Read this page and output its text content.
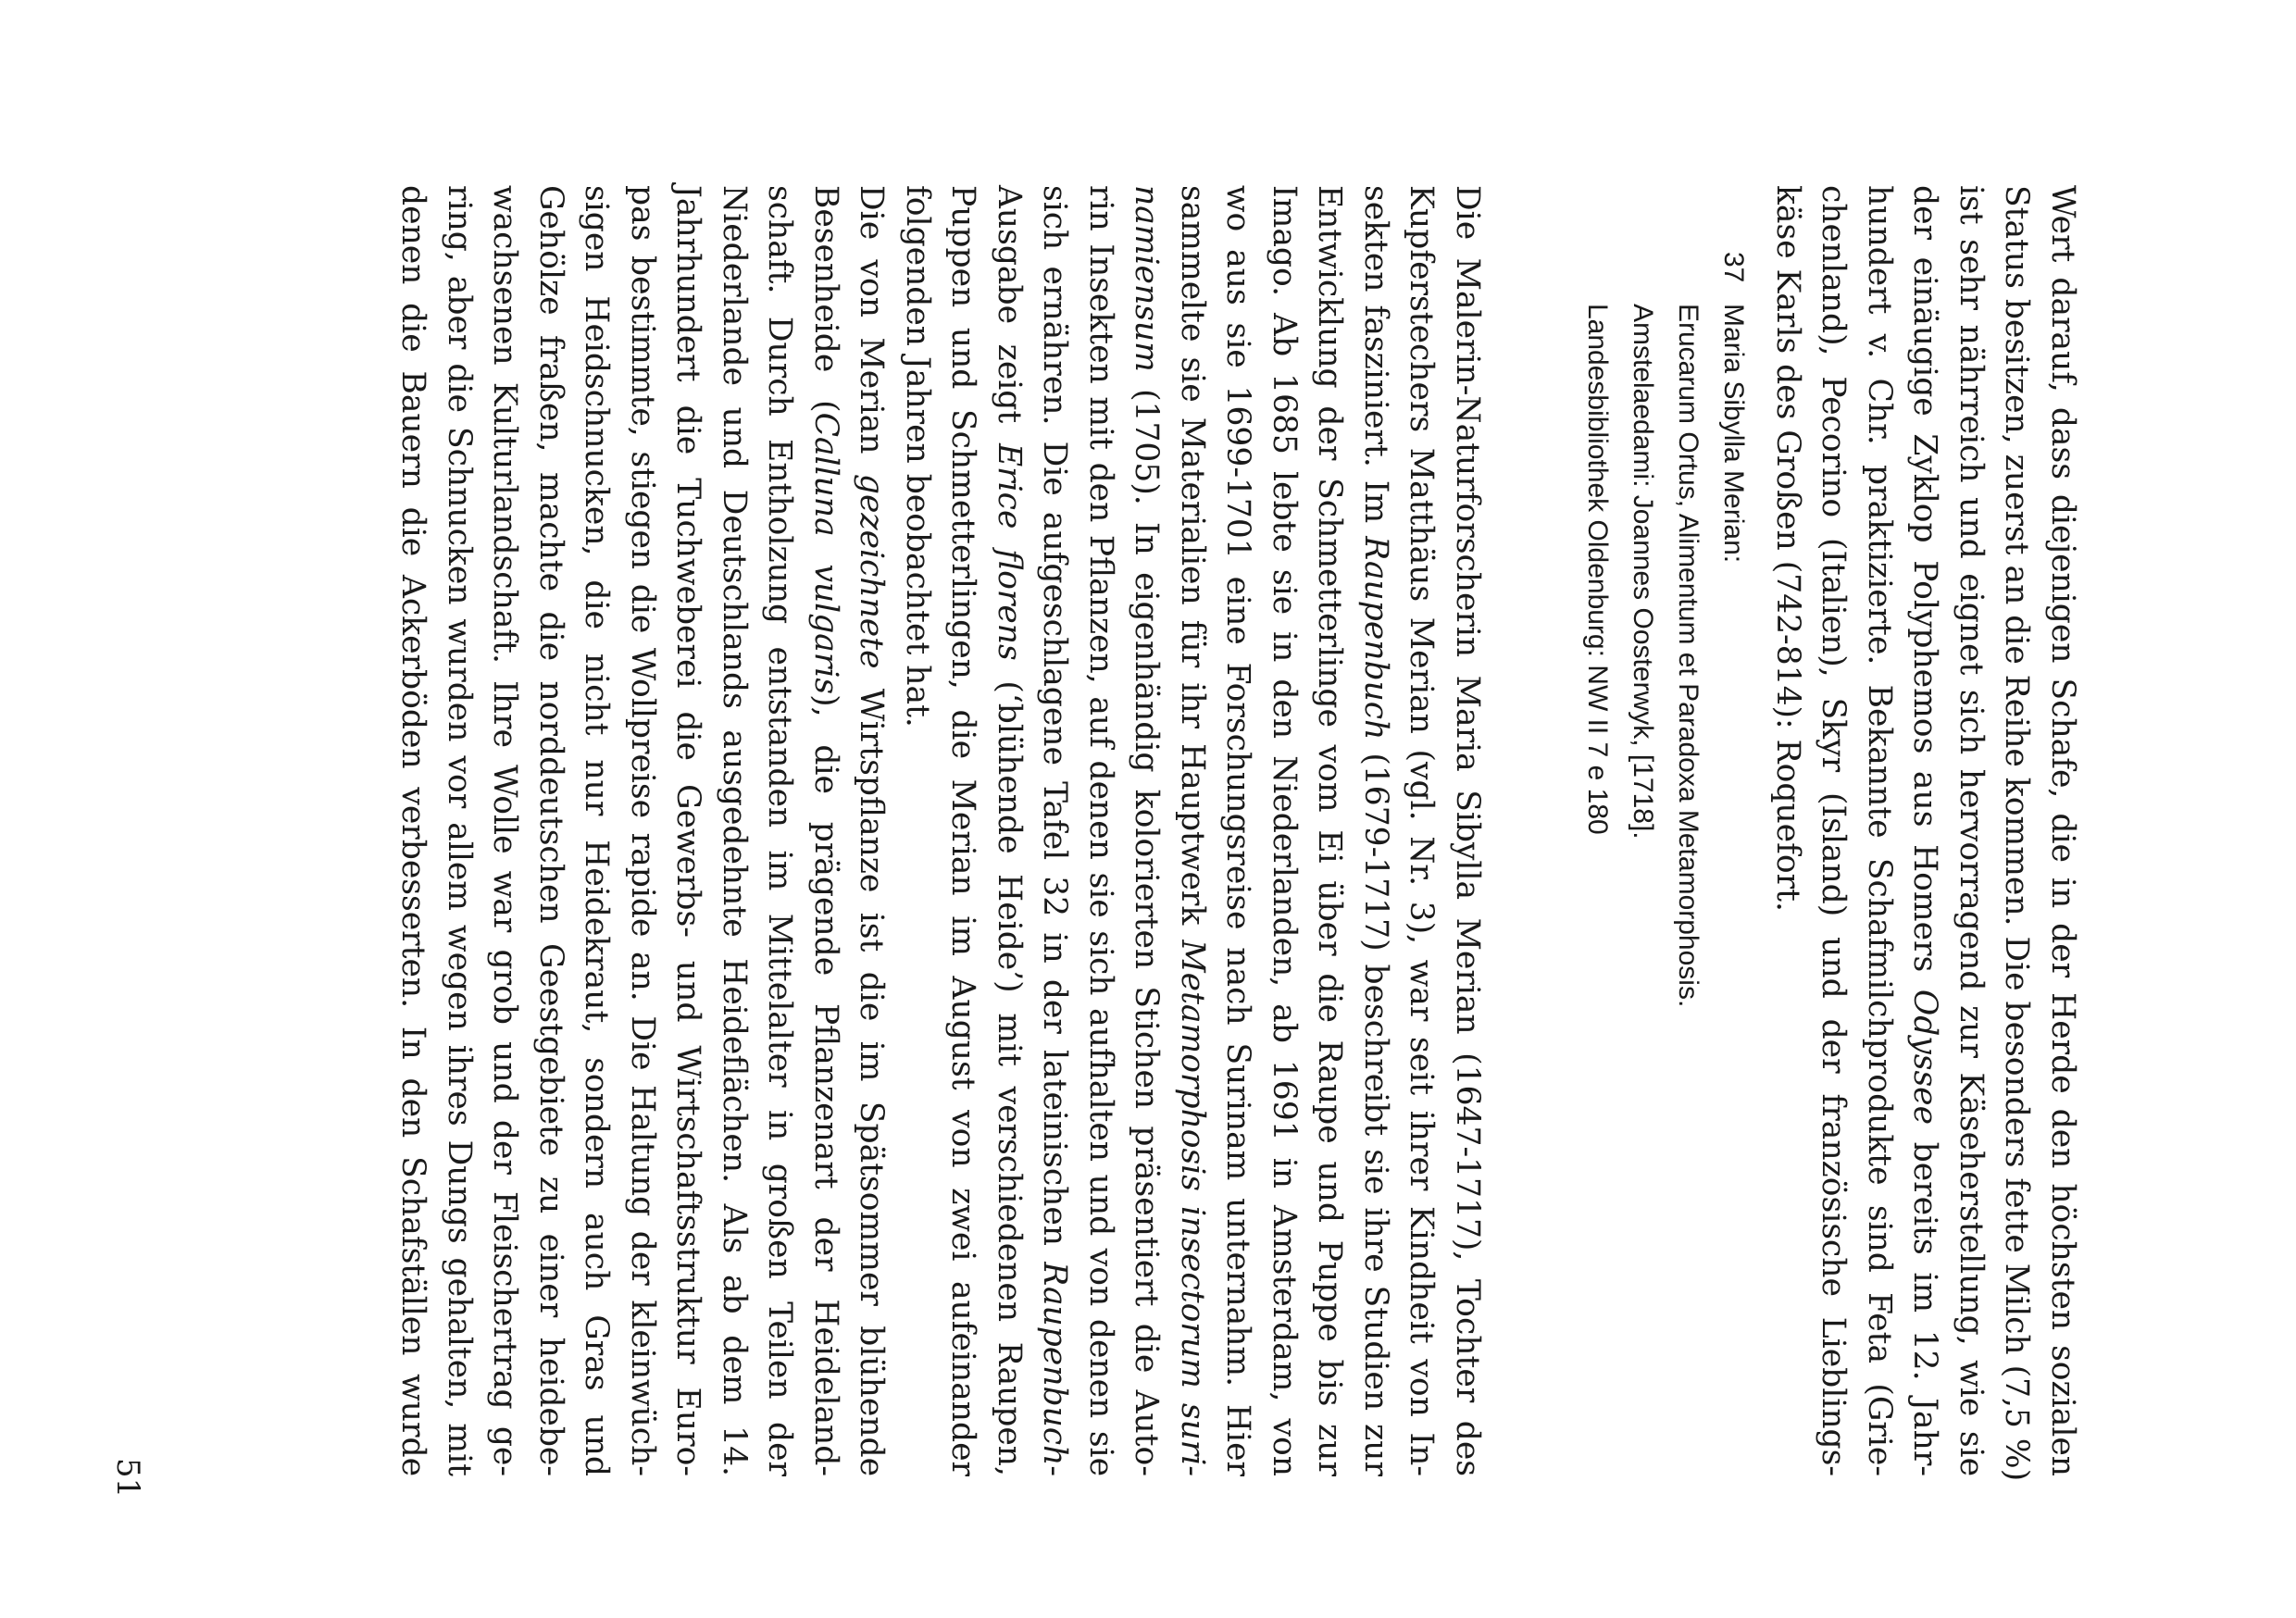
Wert darauf, dass diejenigen Schafe, die in der Herde den höchsten sozialen
Status besitzen, zuerst an die Reihe kommen. Die besonders fette Milch (7,5 %)
ist sehr nährreich und eignet sich hervorragend zur Käseherstellung, wie sie
der einäugige Zyklop Polyphemos aus Homers Odyssee bereits im 12. Jahr-
hundert v. Chr. praktizierte. Bekannte Schafmilchprodukte sind Feta (Grie-
chenland), Pecorino (Italien), Skyr (Island) und der französische Lieblings-
käse Karls des Großen (742-814): Roquefort.
37Maria Sibylla Merian:
Erucarum Ortus, Alimentum et Paradoxa Metamorphosis.
Amstelaedami: Joannes Oosterwyk, [1718].
Landesbibliothek Oldenburg: NW II 7 e 180
Die Malerin-Naturforscherin Maria Sibylla Merian (1647-1717), Tochter des
Kupferstechers Matthäus Merian (vgl. Nr. 3), war seit ihrer Kindheit von In-
sekten fasziniert. Im Raupenbuch (1679-1717) beschreibt sie ihre Studien zur
Entwicklung der Schmetterlinge vom Ei über die Raupe und Puppe bis zur
Imago. Ab 1685 lebte sie in den Niederlanden, ab 1691 in Amsterdam, von
wo aus sie 1699-1701 eine Forschungsreise nach Surinam unternahm. Hier
sammelte sie Materialien für ihr Hauptwerk Metamorphosis insectorum suri-
namiensum (1705). In eigenhändig kolorierten Stichen präsentiert die Auto-
rin Insekten mit den Pflanzen, auf denen sie sich aufhalten und von denen sie
sich ernähren. Die aufgeschlagene Tafel 32 in der lateinischen Raupenbuch-
Ausgabe zeigt Erice florens (‘blühende Heide’) mit verschiedenen Raupen,
Puppen und Schmetterlingen, die Merian im August von zwei aufeinander
folgenden Jahren beobachtet hat.
Die von Merian gezeichnete Wirtspflanze ist die im Spätsommer blühende
Besenheide (Calluna vulgaris), die prägende Pflanzenart der Heideland-
schaft. Durch Entholzung entstanden im Mittelalter in großen Teilen der
Niederlande und Deutschlands ausgedehnte Heideflächen. Als ab dem 14.
Jahrhundert die Tuchweberei die Gewerbs- und Wirtschaftsstruktur Euro-
pas bestimmte, stiegen die Wollpreise rapide an. Die Haltung der kleinwüch-
sigen Heidschnucken, die nicht nur Heidekraut, sondern auch Gras und
Gehölze fraßen, machte die norddeutschen Geestgebiete zu einer heidebe-
wachsenen Kulturlandschaft. Ihre Wolle war grob und der Fleischertrag ge-
ring, aber die Schnucken wurden vor allem wegen ihres Dungs gehalten, mit
denen die Bauern die Ackerböden verbesserten. In den Schafställen wurde
51
